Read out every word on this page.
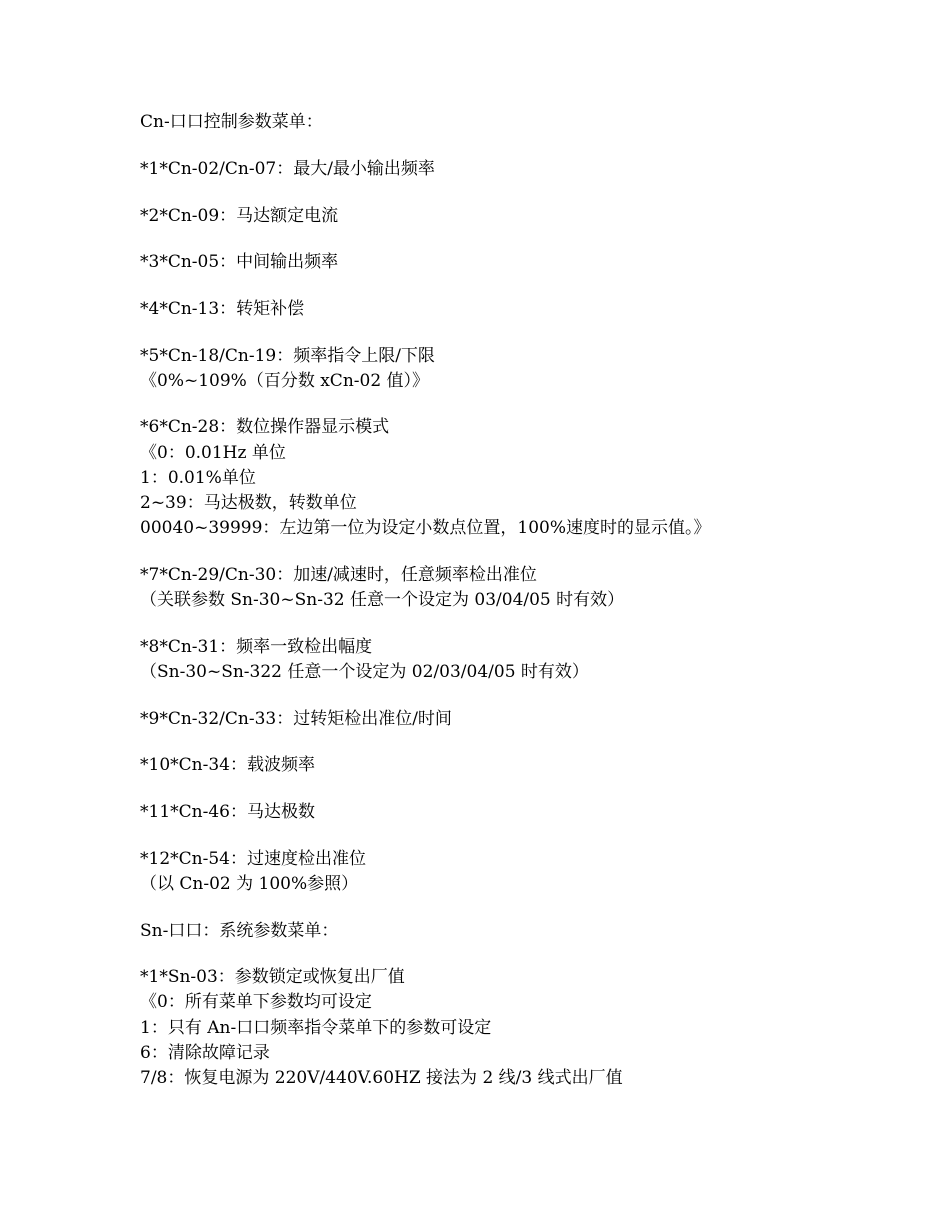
Cn-口口控制参数菜单：
*1*Cn-02/Cn-07：最大/最小输出频率
*2*Cn-09：马达额定电流
*3*Cn-05：中间输出频率
*4*Cn-13：转矩补偿
*5*Cn-18/Cn-19：频率指令上限/下限
《0%~109%（百分数 xCn-02 值）》
*6*Cn-28：数位操作器显示模式
《0：0.01Hz 单位
1：0.01%单位
2~39：马达极数，转数单位
00040~39999：左边第一位为设定小数点位置，100%速度时的显示值。》
*7*Cn-29/Cn-30：加速/减速时，任意频率检出准位
（关联参数 Sn-30~Sn-32 任意一个设定为 03/04/05 时有效）
*8*Cn-31：频率一致检出幅度
（Sn-30~Sn-322 任意一个设定为 02/03/04/05 时有效）
*9*Cn-32/Cn-33：过转矩检出准位/时间
*10*Cn-34：载波频率
*11*Cn-46：马达极数
*12*Cn-54：过速度检出准位
（以 Cn-02 为 100%参照）
Sn-口口：系统参数菜单：
*1*Sn-03：参数锁定或恢复出厂值
《0：所有菜单下参数均可设定
1：只有 An-口口频率指令菜单下的参数可设定
6：清除故障记录
7/8：恢复电源为 220V/440V.60HZ 接法为 2 线/3 线式出厂值
